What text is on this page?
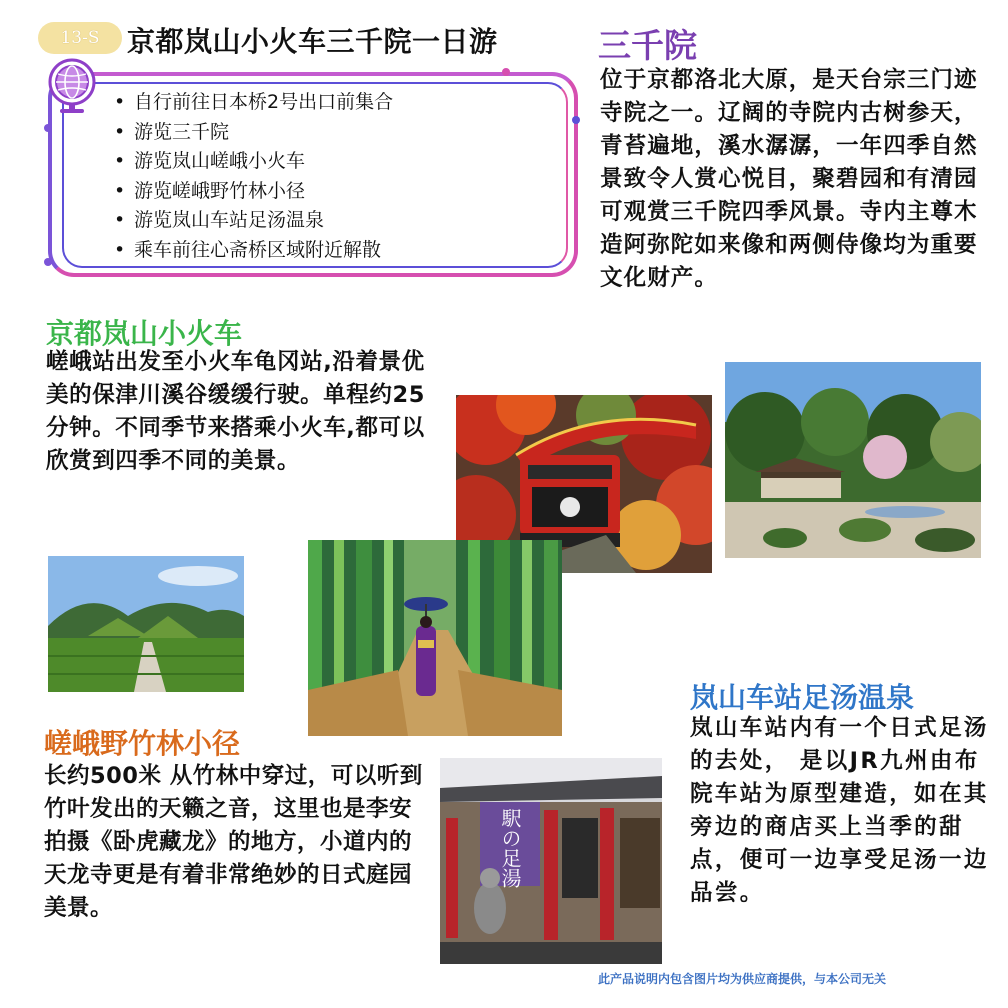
13-S 京都岚山小火车三千院一日游
• 自行前往日本桥2号出口前集合
• 游览三千院
• 游览岚山嵯峨小火车
• 游览嵯峨野竹林小径
• 游览岚山车站足汤温泉
• 乘车前往心斋桥区域附近解散
三千院
位于京都洛北大原，是天台宗三门迹寺院之一。辽阔的寺院内古树参天，青苔遍地，溪水潺潺，一年四季自然景致令人赏心悦目，聚碧园和有清园可观赏三千院四季风景。寺内主尊木造阿弥陀如来像和两侧侍像均为重要文化财产。
京都岚山小火车
嵯峨站出发至小火车龟冈站,沿着景优美的保津川溪谷缓缓行驶。单程约25分钟。不同季节来搭乘小火车,都可以欣赏到四季不同的美景。
嵯峨野竹林小径
长约500米 从竹林中穿过，可以听到竹叶发出的天籁之音，这里也是李安拍摄《卧虎藏龙》的地方，小道内的天龙寺更是有着非常绝妙的日式庭园美景。
岚山车站足汤温泉
岚山车站内有一个日式足汤的去处， 是以JR九州由布院车站为原型建造，如在其旁边的商店买上当季的甜点，便可一边享受足汤一边品尝。
駅の足湯
此产品说明内包含图片均为供应商提供，与本公司无关
